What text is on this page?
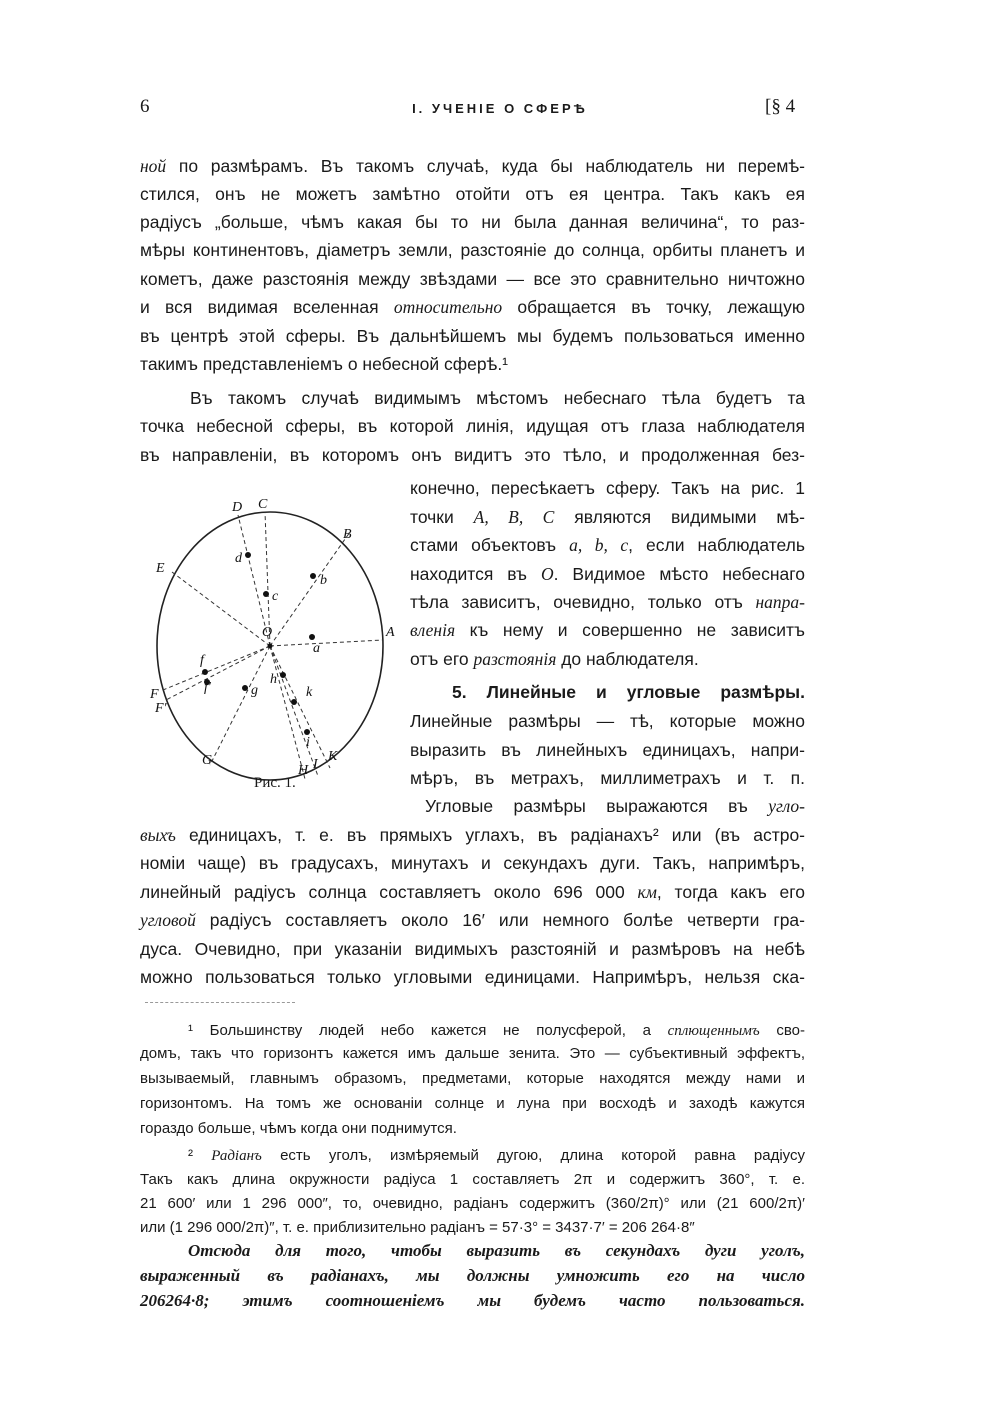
6	I. УЧЕНІЕ О СФЕРѢ	[§ 4
ной по размѣрамъ. Въ такомъ случаѣ, куда бы наблюдатель ни перемѣ-
стился, онъ не можетъ замѣтно отойти отъ ея центра. Такъ какъ ея
радіусъ „больше, чѣмъ какая бы то ни была данная величина“, то раз-
мѣры континентовъ, діаметръ земли, разстояніе до солнца, орбиты планетъ и
кометъ, даже разстоянія между звѣздами — все это сравнительно ничтожно
и вся видимая вселенная относительно обращается въ точку, лежащую
въ центрѣ этой сферы. Въ дальнѣйшемъ мы будемъ пользоваться именно
такимъ представленіемъ о небесной сферѣ.¹
Въ такомъ случаѣ видимымъ мѣстомъ небеснаго тѣла будетъ та
точка небесной сферы, въ которой линія, идущая отъ глаза наблюдателя
въ направленіи, въ которомъ онъ видитъ это тѣло, и продолженная без-
конечно, пересѣкаетъ сферу. Такъ на рис. 1
точки A, B, C являются видимыми мѣ-
стами объектовъ a, b, c, если наблюдатель
находится въ O. Видимое мѣсто небеснаго
тѣла зависитъ, очевидно, только отъ напра-
вленія къ нему и совершенно не зависитъ
отъ его разстоянія до наблюдателя.
5. Линейные и угловые размѣры.
Линейные размѣры — тѣ, которые можно
выразить въ линейныхъ единицахъ, напри-
мѣръ, въ метрахъ, миллиметрахъ и т. п.
Угловые размѣры выражаются въ угло-
выхъ единицахъ, т. е. въ прямыхъ углахъ, въ радіанахъ² или (въ астро-
номіи чаще) въ градусахъ, минутахъ и секундахъ дуги. Такъ, напримѣръ,
линейный радіусъ солнца составляетъ около 696 000 км, тогда какъ его
угловой радіусъ составляетъ около 16′ или немного болѣе четверти гра-
дуса. Очевидно, при указаніи видимыхъ разстояній и размѣровъ на небѣ
можно пользоваться только угловыми единицами. Напримѣръ, нельзя ска-
¹ Большинству людей небо кажется не полусферой, а сплющеннымъ сво-
домъ, такъ что горизонтъ кажется имъ дальше зенита. Это — субъективный эффектъ,
вызываемый, главнымъ образомъ, предметами, которые находятся между нами и
горизонтомъ. На томъ же основаніи солнце и луна при восходѣ и заходѣ кажутся
гораздо больше, чѣмъ когда они поднимутся.
² Радіанъ есть уголъ, измѣряемый дугою, длина которой равна радіусу
Такъ какъ длина окружности радіуса 1 составляетъ 2π и содержитъ 360°, т. е.
21 600′ или 1 296 000″, то, очевидно, радіанъ содержитъ (360/2π)° или (21 600/2π)′
или (1 296 000/2π)″, т. е. приблизительно радіанъ = 57·3° = 3437·7′ = 206 264·8″
Отсюда для того, чтобы выразить въ секундахъ дуги уголъ,
выраженный въ радіанахъ, мы должны умножить его на число
206264·8; этимъ соотношеніемъ мы будемъ часто пользоваться.
A
B
C
D
E
F
F′
G
H I
K
O
a
b
c
d
f
f′	g
h
i
k
Рис. 1.
